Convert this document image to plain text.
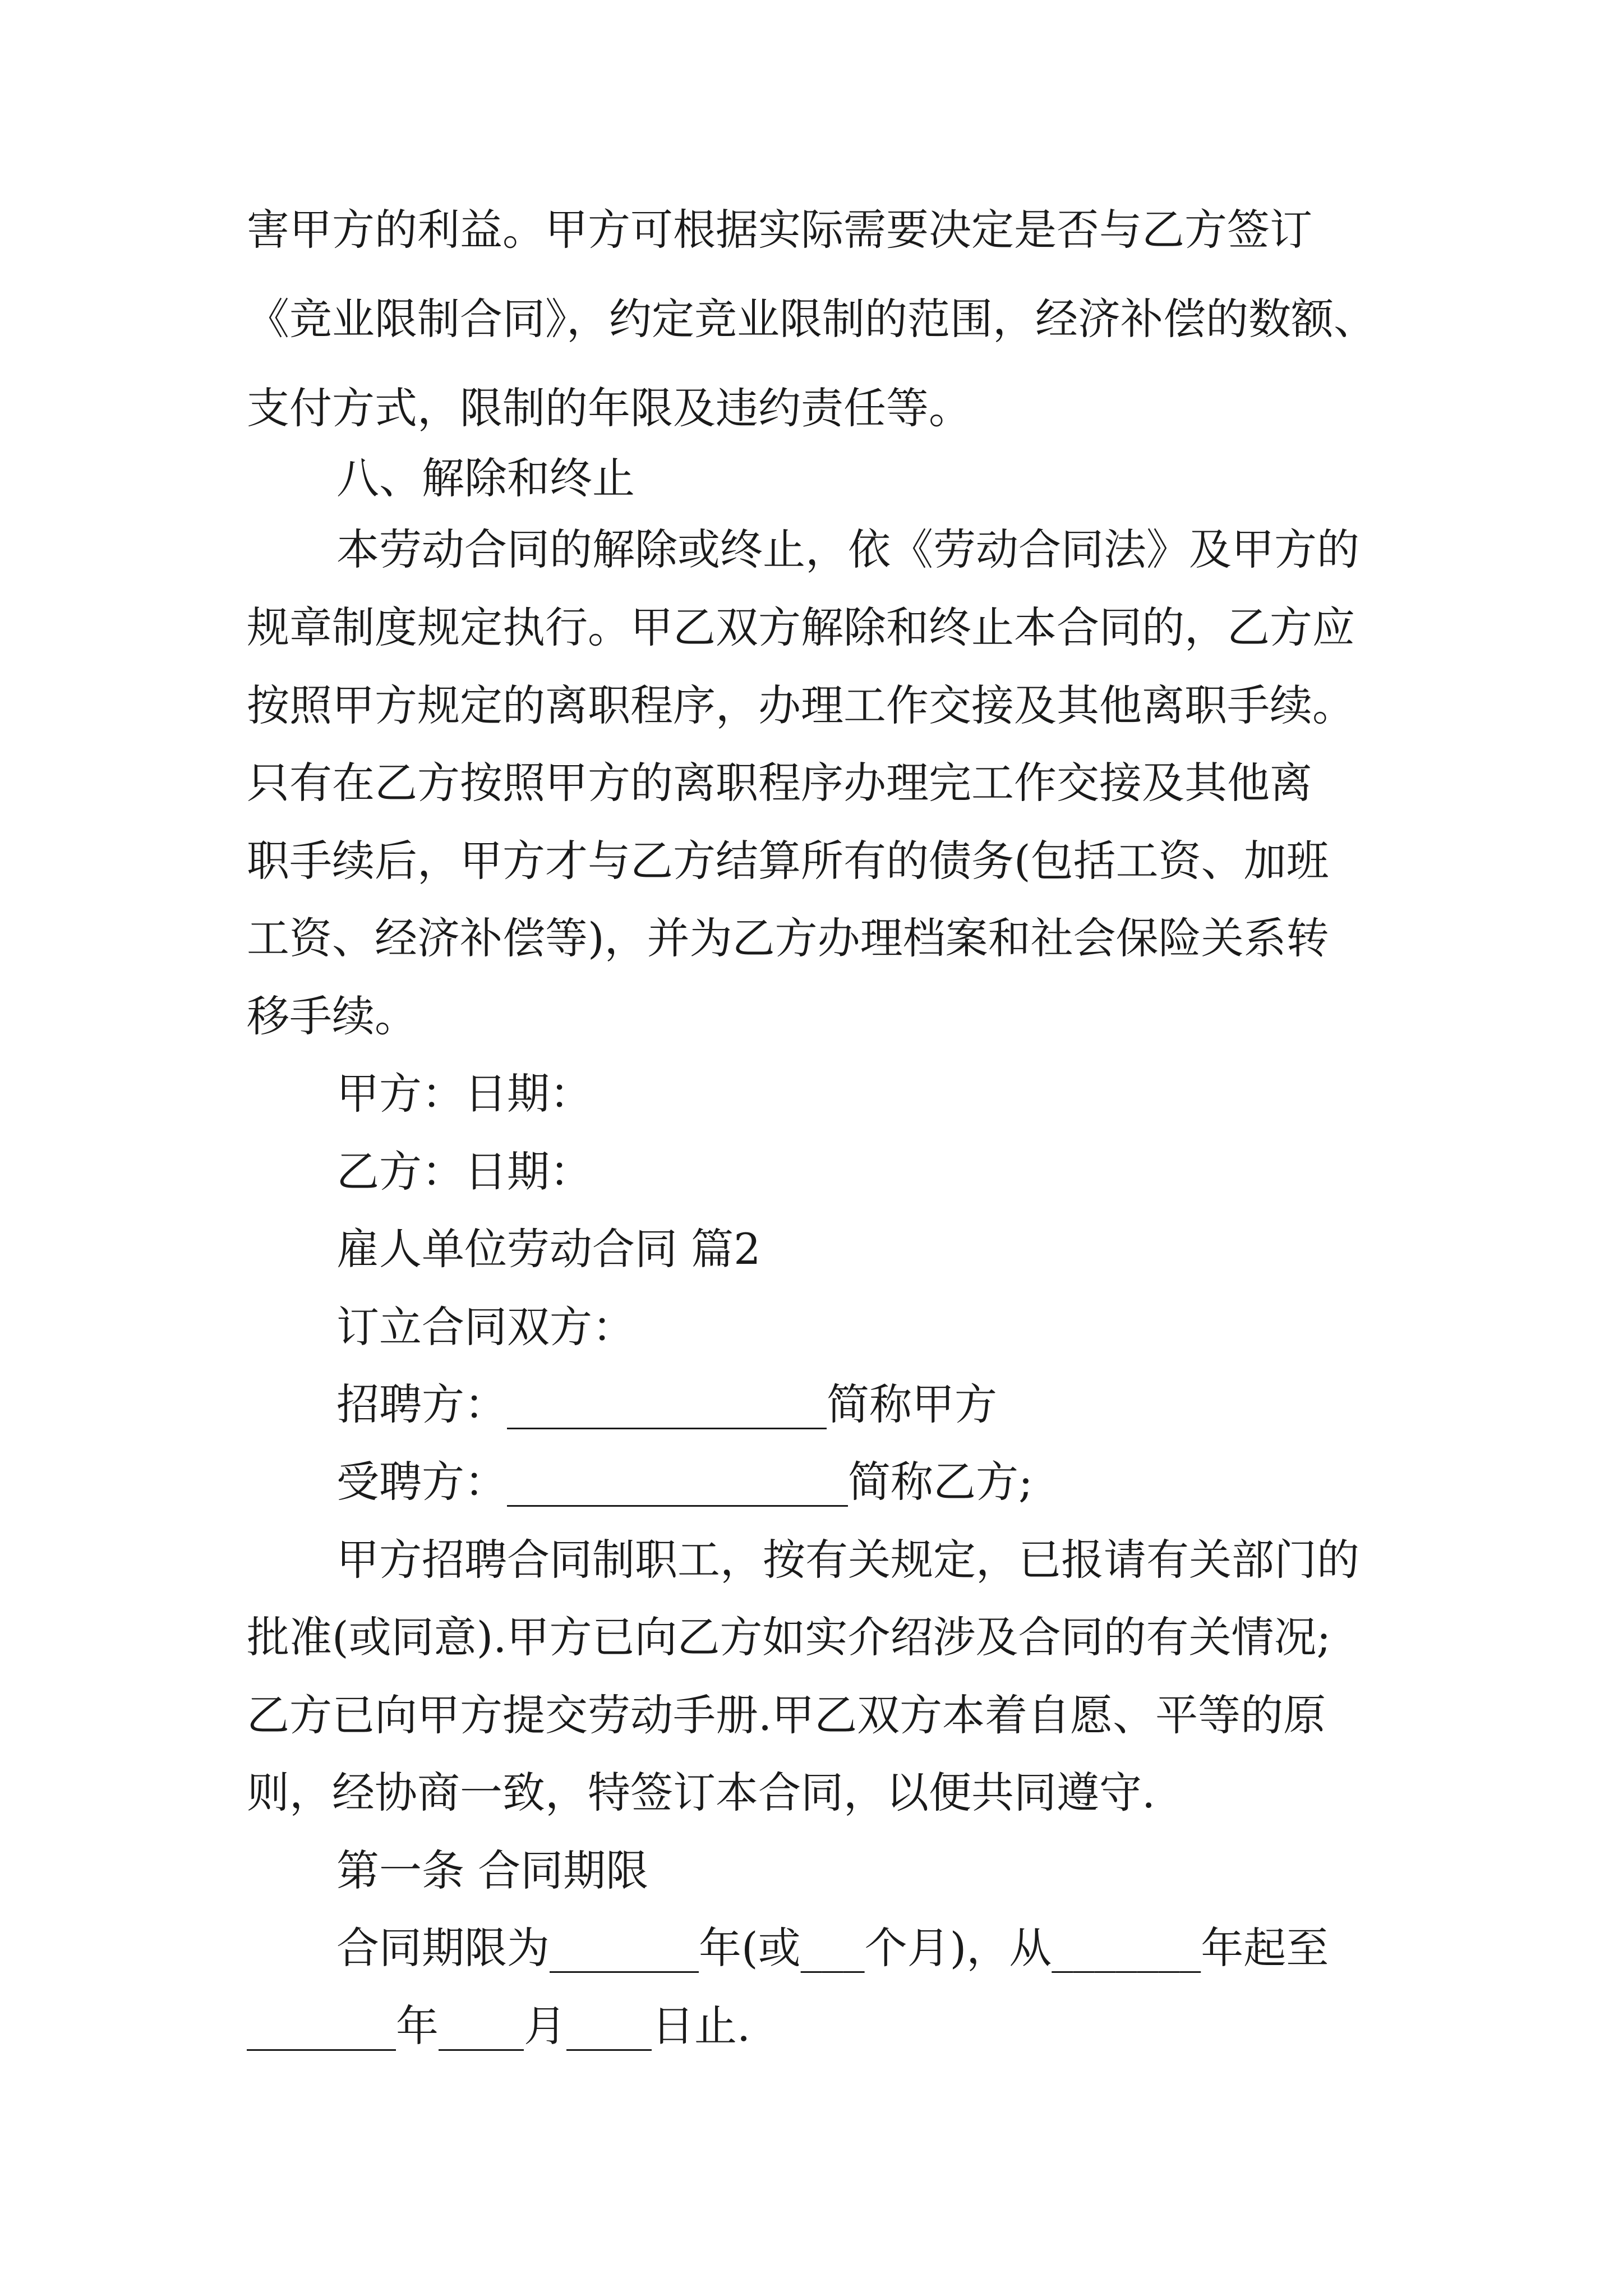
害甲方的利益。甲方可根据实际需要决定是否与乙方签订
《竞业限制合同》，约定竞业限制的范围，经济补偿的数额、
支付方式，限制的年限及违约责任等。
八、解除和终止
本劳动合同的解除或终止，依《劳动合同法》及甲方的
规章制度规定执行。甲乙双方解除和终止本合同的，乙方应
按照甲方规定的离职程序，办理工作交接及其他离职手续。
只有在乙方按照甲方的离职程序办理完工作交接及其他离
职手续后，甲方才与乙方结算所有的债务(包括工资、加班
工资、经济补偿等)，并为乙方办理档案和社会保险关系转
移手续。
甲方：日期：
乙方：日期：
雇人单位劳动合同 篇2
订立合同双方：
招聘方：_______________简称甲方
受聘方：________________简称乙方;
甲方招聘合同制职工，按有关规定，已报请有关部门的
批准(或同意).甲方已向乙方如实介绍涉及合同的有关情况;
乙方已向甲方提交劳动手册.甲乙双方本着自愿、平等的原
则，经协商一致，特签订本合同，以便共同遵守.
第一条 合同期限
合同期限为_______年(或___个月)，从_______年起至
_______年____月____日止.
